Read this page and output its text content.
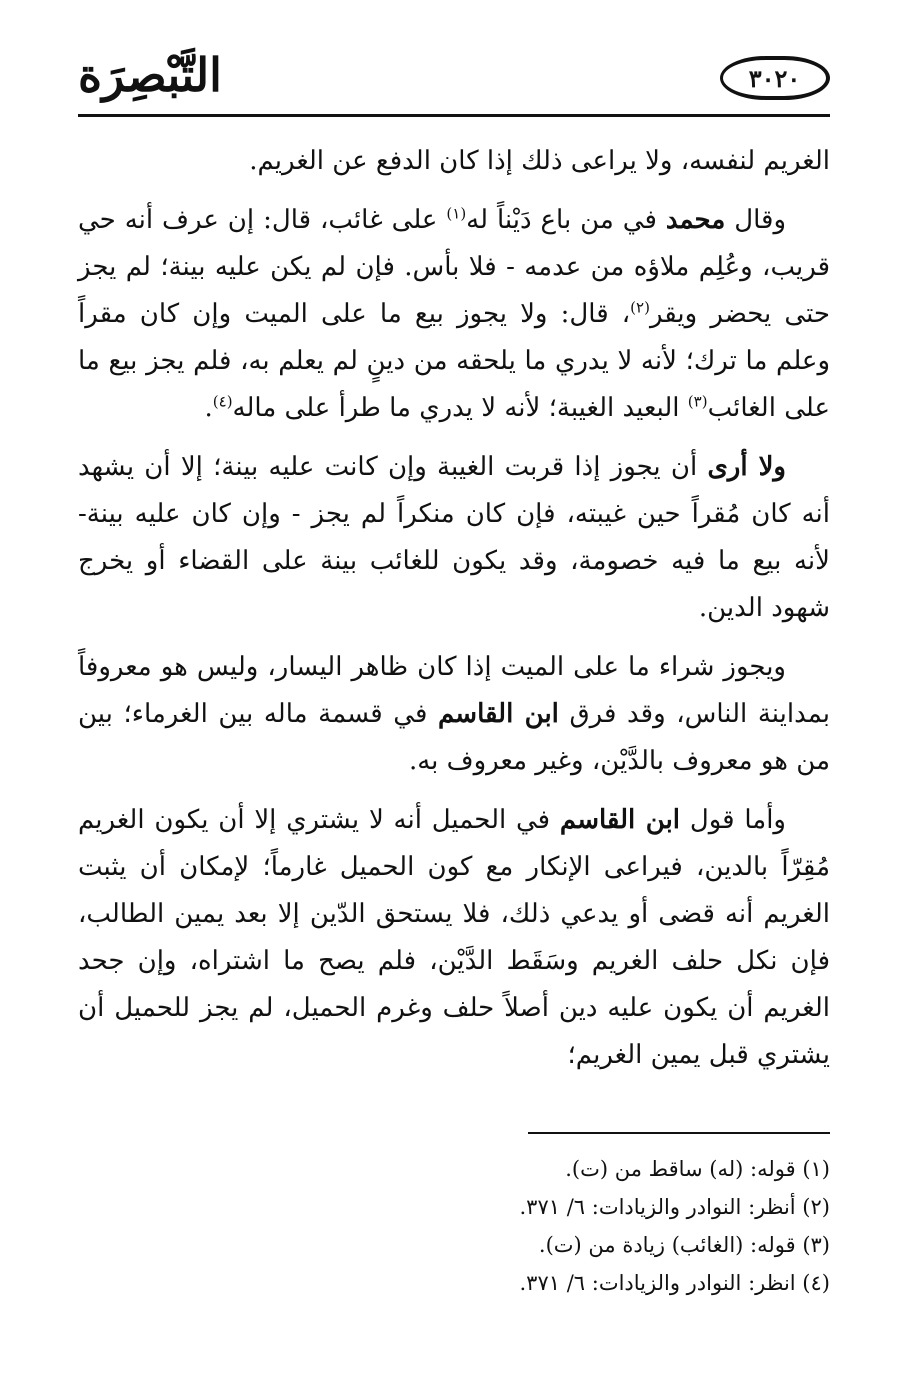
التَّبْصِرَة	٣٠٢٠

الغريم لنفسه، ولا يراعى ذلك إذا كان الدفع عن الغريم.

وقال محمد في من باع دَيْناً له$^{(١)}$ على غائب، قال: إن عرف أنه حي قريب، وعُلِم ملاؤه من عدمه - فلا بأس. فإن لم يكن عليه بينة؛ لم يجز حتى يحضر ويقر$^{(٢)}$، قال: ولا يجوز بيع ما على الميت وإن كان مقراً وعلم ما ترك؛ لأنه لا يدري ما يلحقه من دينٍ لم يعلم به، فلم يجز بيع ما على الغائب$^{(٣)}$ البعيد الغيبة؛ لأنه لا يدري ما طرأ على ماله$^{(٤)}$.

ولا أرى أن يجوز إذا قربت الغيبة وإن كانت عليه بينة؛ إلا أن يشهد أنه كان مُقراً حين غيبته، فإن كان منكراً لم يجز - وإن كان عليه بينة- لأنه بيع ما فيه خصومة، وقد يكون للغائب بينة على القضاء أو يخرج شهود الدين.

ويجوز شراء ما على الميت إذا كان ظاهر اليسار، وليس هو معروفاً بمداينة الناس، وقد فرق ابن القاسم في قسمة ماله بين الغرماء؛ بين من هو معروف بالدَّيْن، وغير معروف به.

وأما قول ابن القاسم في الحميل أنه لا يشتري إلا أن يكون الغريم مُقِرّاً بالدين، فيراعى الإنكار مع كون الحميل غارماً؛ لإمكان أن يثبت الغريم أنه قضى أو يدعي ذلك، فلا يستحق الدّين إلا بعد يمين الطالب، فإن نكل حلف الغريم وسَقَط الدَّيْن، فلم يصح ما اشتراه، وإن جحد الغريم أن يكون عليه دين أصلاً حلف وغرم الحميل، لم يجز للحميل أن يشتري قبل يمين الغريم؛

(١) قوله: (له) ساقط من (ت).

(٢) أنظر: النوادر والزيادات: ٦/ ٣٧١.

(٣) قوله: (الغائب) زيادة من (ت).

(٤) انظر: النوادر والزيادات: ٦/ ٣٧١.
